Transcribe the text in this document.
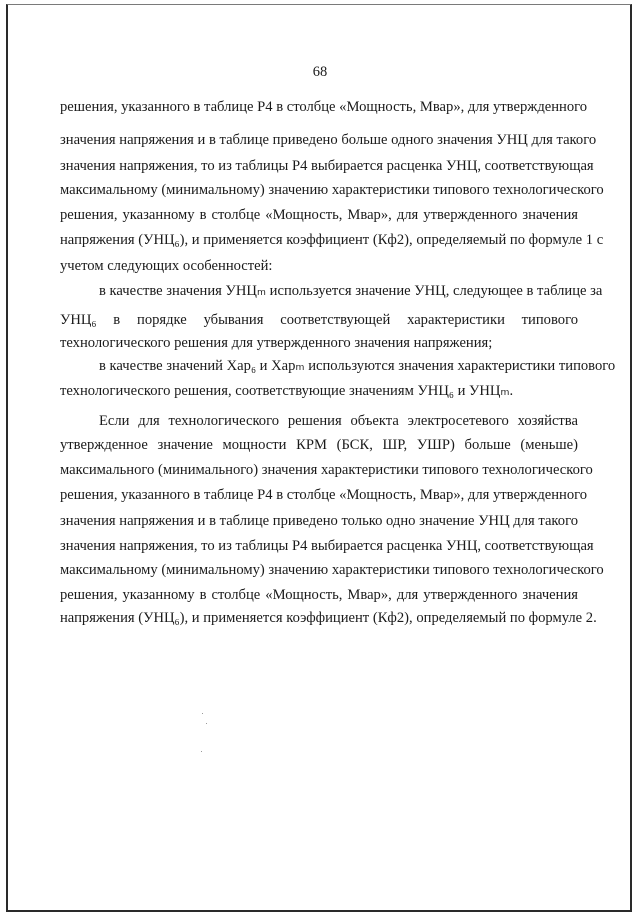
68
решения, указанного в таблице Р4 в столбце «Мощность, Мвар», для утвержденного
значения напряжения и в таблице приведено больше одного значения УНЦ для такого
значения напряжения, то из таблицы Р4 выбирается расценка УНЦ, соответствующая
максимальному (минимальному) значению характеристики типового технологического
решения, указанному в столбце «Мощность, Мвар», для утвержденного значения
напряжения (УНЦ₆), и применяется коэффициент (Кф2), определяемый по формуле 1 с
учетом следующих особенностей:
в качестве значения УНЦₘ используется значение УНЦ, следующее в таблице за
УНЦ₆ в порядке убывания соответствующей характеристики типового
технологического решения для утвержденного значения напряжения;
в качестве значений Хар₆ и Харₘ используются значения характеристики типового
технологического решения, соответствующие значениям УНЦ₆ и УНЦₘ.
Если для технологического решения объекта электросетевого хозяйства
утвержденное значение мощности КРМ (БСК, ШР, УШР) больше (меньше)
максимального (минимального) значения характеристики типового технологического
решения, указанного в таблице Р4 в столбце «Мощность, Мвар», для утвержденного
значения напряжения и в таблице приведено только одно значение УНЦ для такого
значения напряжения, то из таблицы Р4 выбирается расценка УНЦ, соответствующая
максимальному (минимальному) значению характеристики типового технологического
решения, указанному в столбце «Мощность, Мвар», для утвержденного значения
напряжения (УНЦ₆), и применяется коэффициент (Кф2), определяемый по формуле 2.
